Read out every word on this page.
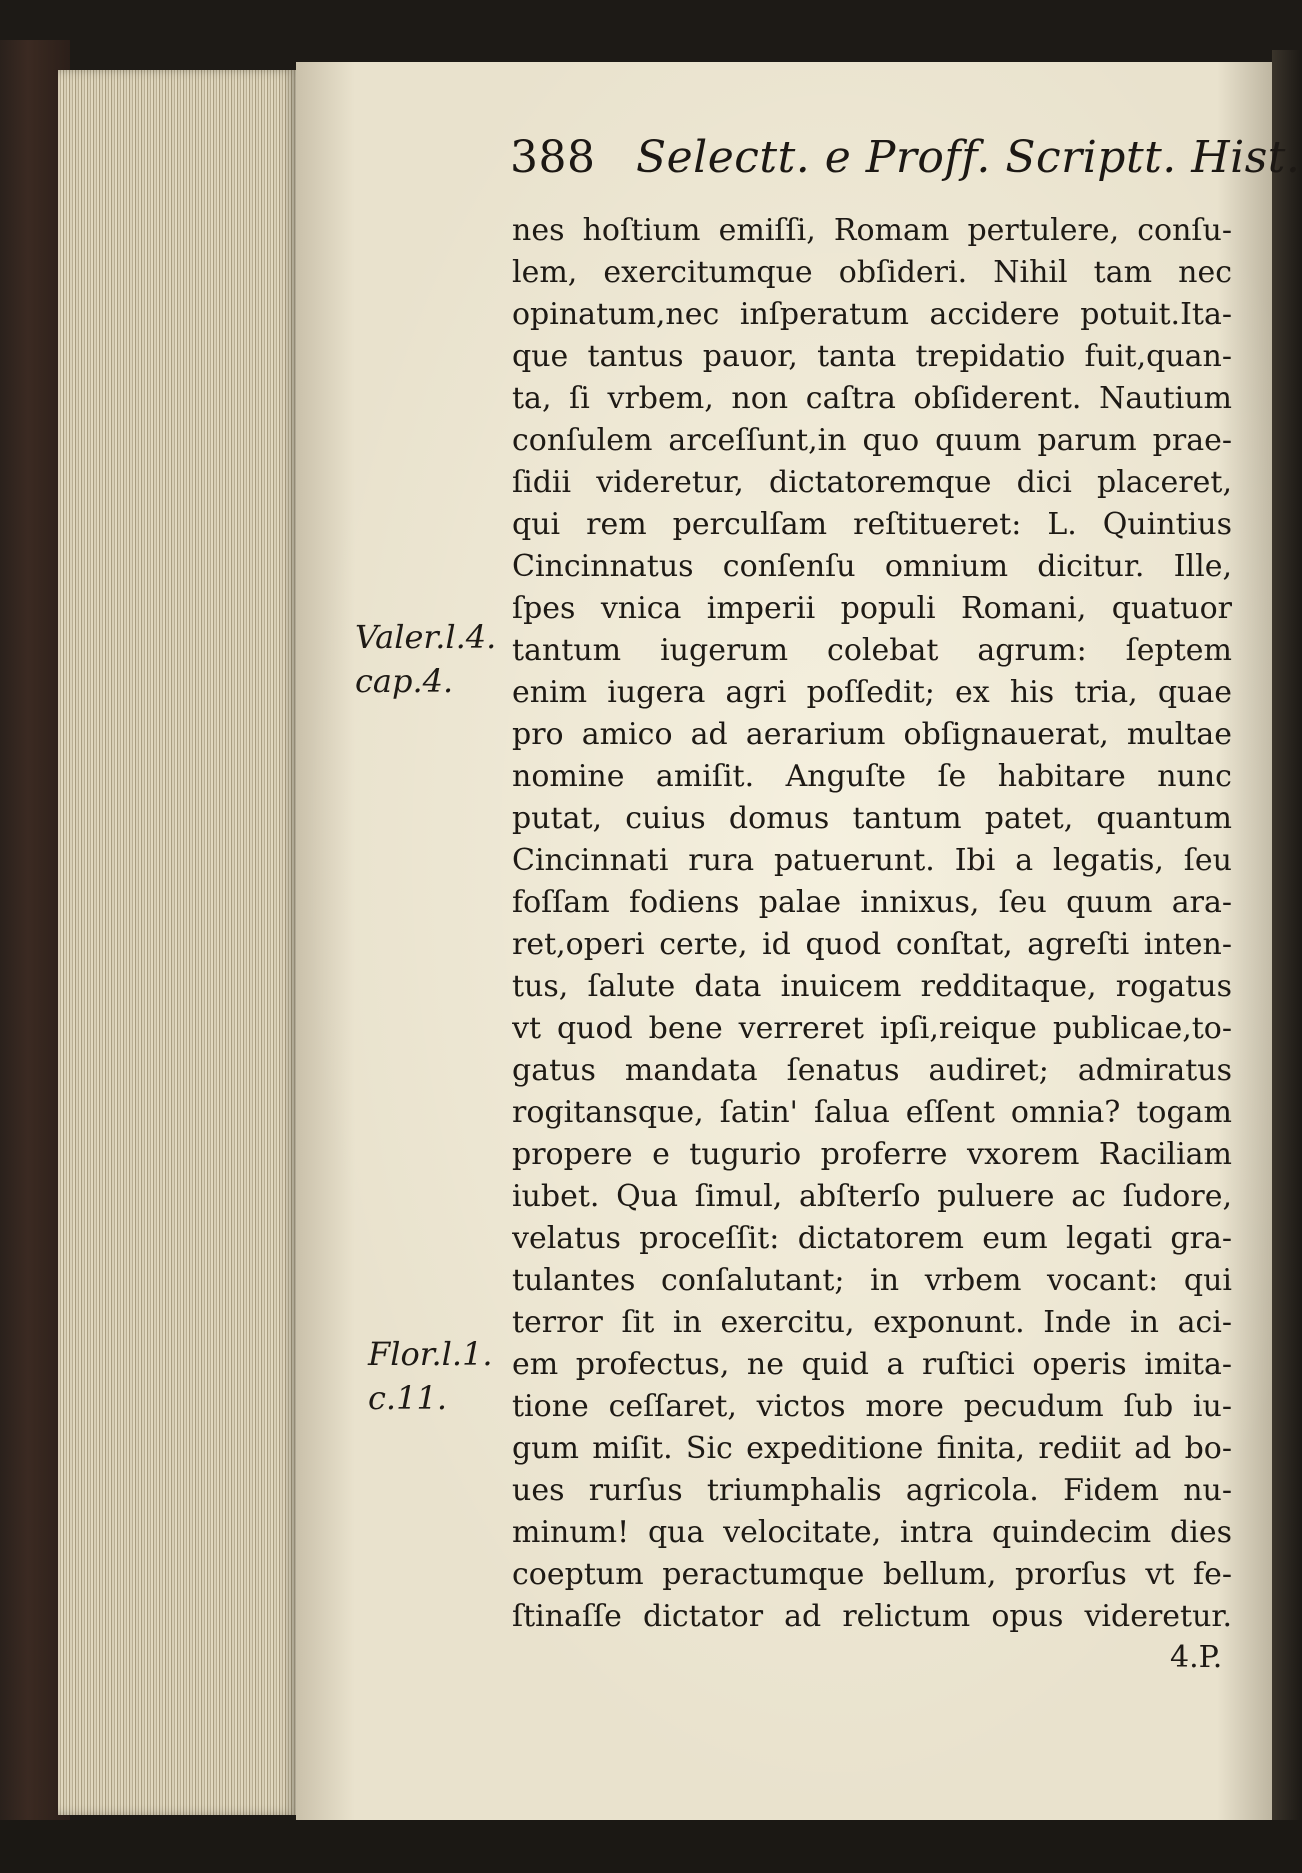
388 Selectt. e Proff. Scriptt. Hist.
nes hoſtium emiſſi, Romam pertulere, conſu-
lem, exercitumque obſideri. Nihil tam nec
opinatum,nec inſperatum accidere potuit.Ita-
que tantus pauor, tanta trepidatio fuit,quan-
ta, ſi vrbem, non caſtra obſiderent. Nautium
conſulem arceſſunt,in quo quum parum prae-
ſidii videretur, dictatoremque dici placeret,
qui rem perculſam reſtitueret: L. Quintius
Cincinnatus conſenſu omnium dicitur. Ille,
ſpes vnica imperii populi Romani, quatuor
tantum iugerum colebat agrum: ſeptem
enim iugera agri poſſedit; ex his tria, quae
pro amico ad aerarium obſignauerat, multae
nomine amiſit. Anguſte ſe habitare nunc
putat, cuius domus tantum patet, quantum
Cincinnati rura patuerunt. Ibi a legatis, ſeu
foſſam fodiens palae innixus, ſeu quum ara-
ret,operi certe, id quod conſtat, agreſti inten-
tus, ſalute data inuicem redditaque, rogatus
vt quod bene verreret ipſi,reique publicae,to-
gatus mandata ſenatus audiret; admiratus
rogitansque, ſatin' ſalua eſſent omnia? togam
propere e tugurio proferre vxorem Raciliam
iubet. Qua ſimul, abſterſo puluere ac ſudore,
velatus proceſſit: dictatorem eum legati gra-
tulantes conſalutant; in vrbem vocant: qui
terror ſit in exercitu, exponunt. Inde in aci-
em profectus, ne quid a ruſtici operis imita-
tione ceſſaret, victos more pecudum ſub iu-
gum miſit. Sic expeditione finita, rediit ad bo-
ues rurſus triumphalis agricola. Fidem nu-
minum! qua velocitate, intra quindecim dies
coeptum peractumque bellum, prorſus vt fe-
ſtinaſſe dictator ad relictum opus videretur.
4.P.
Valer.l.4.
cap.4.
Flor.l.1.
c.11.
